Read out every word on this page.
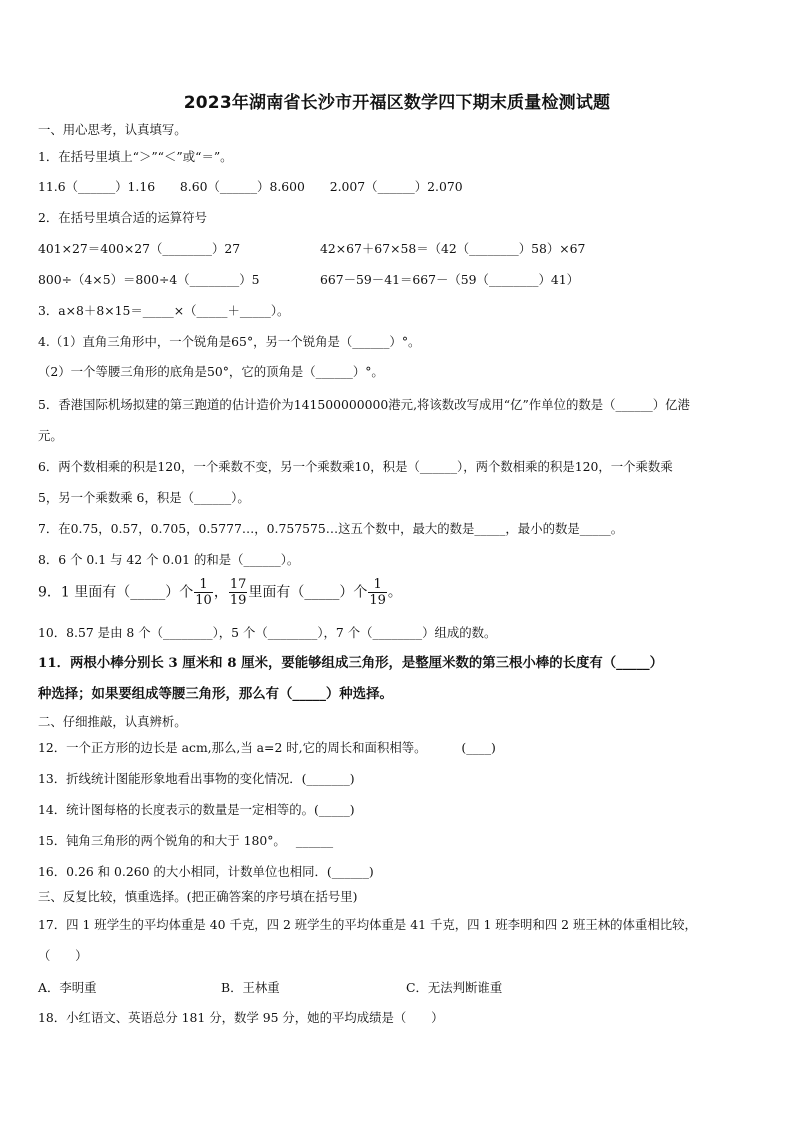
2023年湖南省长沙市开福区数学四下期末质量检测试题
一、用心思考，认真填写。
1．在括号里填上“＞”“＜”或“＝”。
11.6（______）1.16　　8.60（______）8.600　　2.007（______）2.070
2．在括号里填合适的运算符号
401×27＝400×27（________）27	42×67＋67×58＝（42（________）58）×67
800÷（4×5）＝800÷4（________）5	667－59－41＝667－（59（________）41）
3．a×8＋8×15＝_____×（_____＋_____）。
4.（1）直角三角形中，一个锐角是65°，另一个锐角是（______）°。
（2）一个等腰三角形的底角是50°，它的顶角是（______）°。
5．香港国际机场拟建的第三跑道的估计造价为141500000000港元,将该数改写成用“亿”作单位的数是（______）亿港
元。
6．两个数相乘的积是120，一个乘数不变，另一个乘数乘10，积是（______），两个数相乘的积是120，一个乘数乘
5，另一个乘数乘 6，积是（______）。
7．在0.75，0.57，0.705，0.5777…，0.757575…这五个数中，最大的数是_____，最小的数是_____。
8．6 个 0.1 与 42 个 0.01 的和是（______）。
9．1 里面有（_____）个 $\frac{1}{10}$ ， $\frac{17}{19}$ 里面有（_____）个 $\frac{1}{19}$ 。
10．8.57 是由 8 个（________），5 个（________），7 个（________）组成的数。
11．两根小棒分别长 3 厘米和 8 厘米，要能够组成三角形，是整厘米数的第三根小棒的长度有（_____）
种选择；如果要组成等腰三角形，那么有（_____）种选择。
二、仔细推敲，认真辨析。
12．一个正方形的边长是 acm,那么,当 a=2 时,它的周长和面积相等。　　　 (____)
13．折线统计图能形象地看出事物的变化情况．(_______)
14．统计图每格的长度表示的数量是一定相等的。(_____)
15．钝角三角形的两个锐角的和大于 180°。　 ______
16．0.26 和 0.260 的大小相同，计数单位也相同．(______)
三、反复比较，慎重选择。(把正确答案的序号填在括号里)
17．四 1 班学生的平均体重是 40 千克，四 2 班学生的平均体重是 41 千克，四 1 班李明和四 2 班王林的体重相比较，
（　　）
A．李明重	B．王林重	C．无法判断谁重
18．小红语文、英语总分 181 分，数学 95 分，她的平均成绩是（　　）
